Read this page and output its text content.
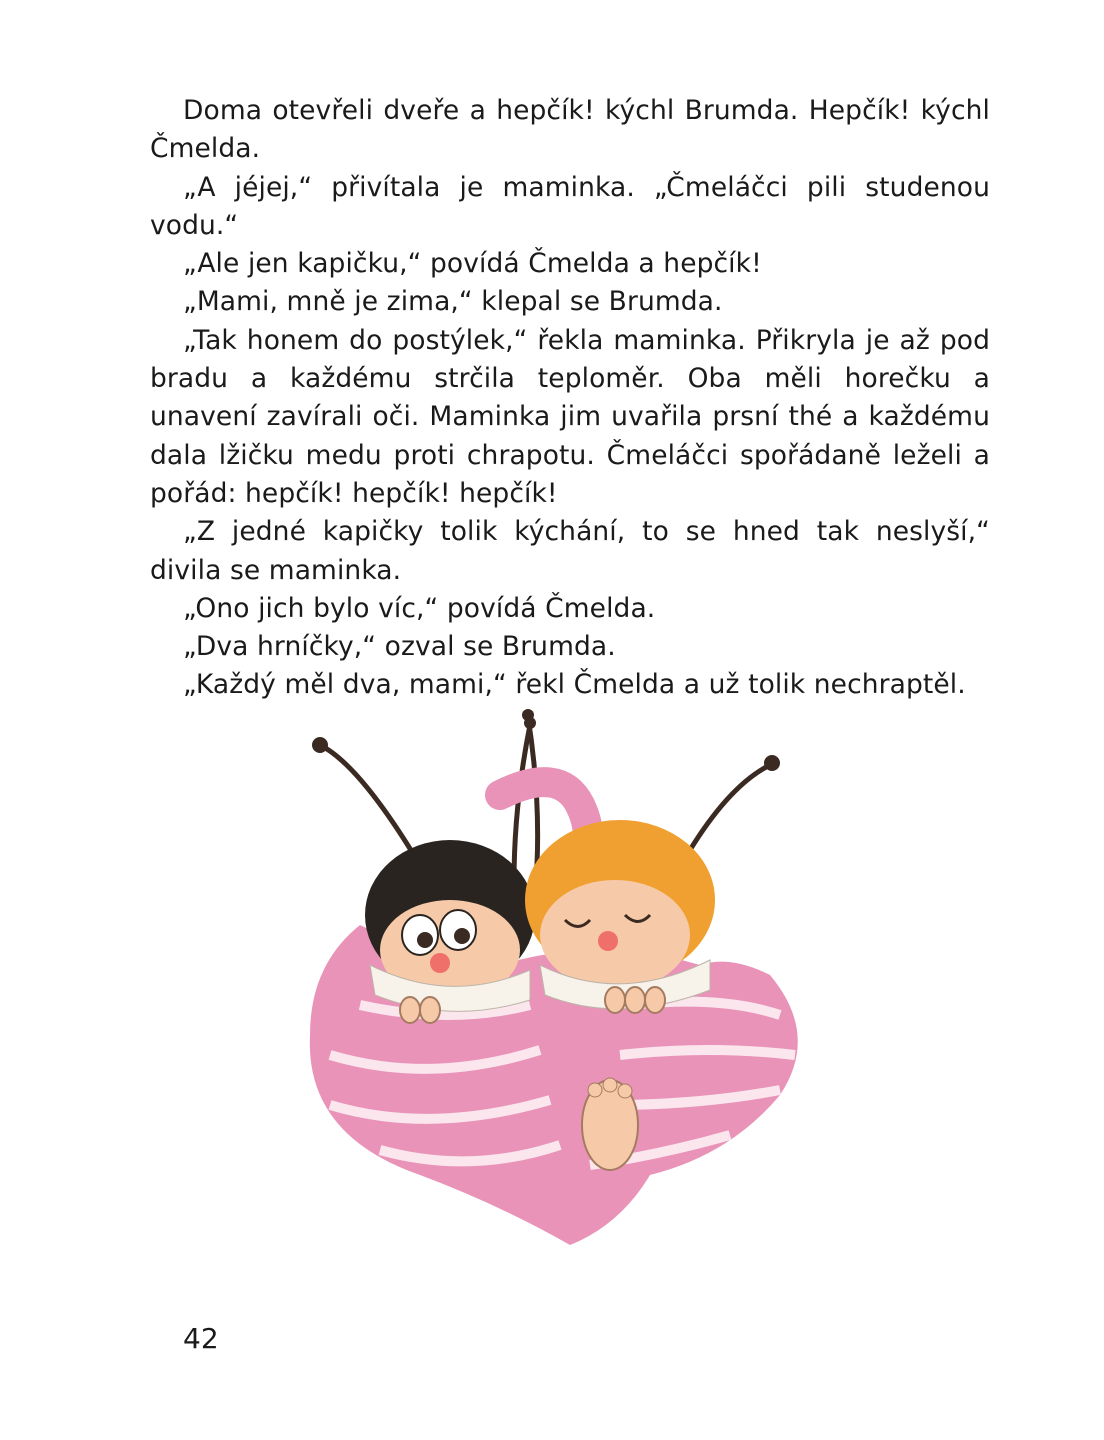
Doma otevřeli dveře a hepčík! kýchl Brumda. Hepčík! kýchl Čmelda.

„A jéjej,“ přivítala je maminka. „Čmeláčci pili studenou vodu.“

„Ale jen kapičku,“ povídá Čmelda a hepčík!

„Mami, mně je zima,“ klepal se Brumda.

„Tak honem do postýlek,“ řekla maminka. Přikryla je až pod bradu a každému strčila teploměr. Oba měli horečku a unavení zavírali oči. Maminka jim uvařila prsní thé a každému dala lžičku medu proti chrapotu. Čmeláčci spořádaně leželi a pořád: hepčík! hepčík! hepčík!

„Z jedné kapičky tolik kýchání, to se hned tak neslyší,“ divila se maminka.

„Ono jich bylo víc,“ povídá Čmelda.

„Dva hrníčky,“ ozval se Brumda.

„Každý měl dva, mami,“ řekl Čmelda a už tolik nechraptěl.

42
